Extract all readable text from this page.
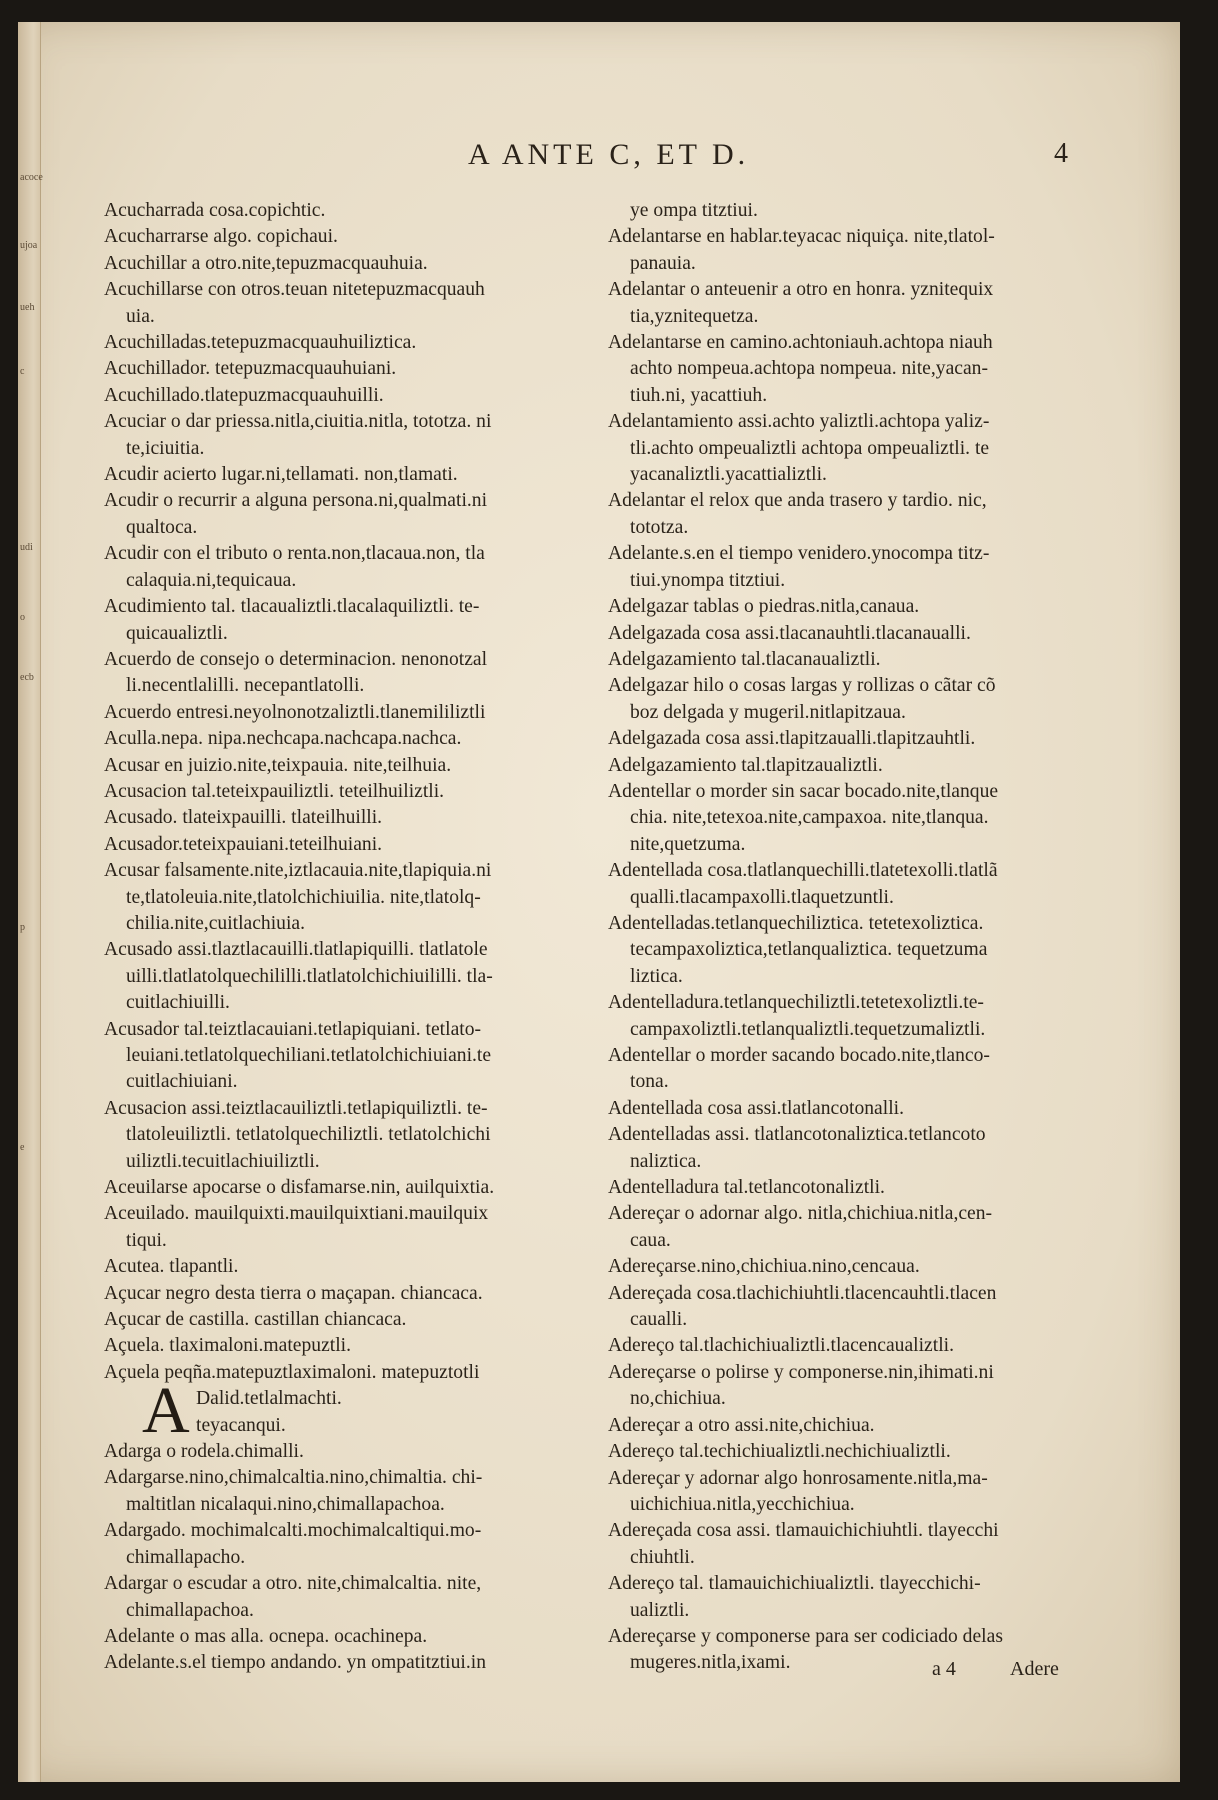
acoce
ujoa
ueh
c
udi
o
ecb
p
e
A ANTE C, ET D.	4
Acucharrada cosa.copichtic.
Acucharrarse algo. copichaui.
Acuchillar a otro.nite,tepuzmacquauhuia.
Acuchillarse con otros.teuan nitetepuzmacquauh
uia.
Acuchilladas.tetepuzmacquauhuiliztica.
Acuchillador. tetepuzmacquauhuiani.
Acuchillado.tlatepuzmacquauhuilli.
Acuciar o dar priessa.nitla,ciuitia.nitla, tototza. ni
te,iciuitia.
Acudir acierto lugar.ni,tellamati. non,tlamati.
Acudir o recurrir a alguna persona.ni,qualmati.ni
qualtoca.
Acudir con el tributo o renta.non,tlacaua.non, tla
calaquia.ni,tequicaua.
Acudimiento tal. tlacaualiztli.tlacalaquiliztli. te-
quicaualiztli.
Acuerdo de consejo o determinacion. nenonotzal
li.necentlalilli. necepantlatolli.
Acuerdo entresi.neyolnonotzaliztli.tlanemililiztli
Aculla.nepa. nipa.nechcapa.nachcapa.nachca.
Acusar en juizio.nite,teixpauia. nite,teilhuia.
Acusacion tal.teteixpauiliztli. teteilhuiliztli.
Acusado. tlateixpauilli. tlateilhuilli.
Acusador.teteixpauiani.teteilhuiani.
Acusar falsamente.nite,iztlacauia.nite,tlapiquia.ni
te,tlatoleuia.nite,tlatolchichiuilia. nite,tlatolq-
chilia.nite,cuitlachiuia.
Acusado assi.tlaztlacauilli.tlatlapiquilli. tlatlatole
uilli.tlatlatolquechililli.tlatlatolchichiuililli. tla-
cuitlachiuilli.
Acusador tal.teiztlacauiani.tetlapiquiani. tetlato-
leuiani.tetlatolquechiliani.tetlatolchichiuiani.te
cuitlachiuiani.
Acusacion assi.teiztlacauiliztli.tetlapiquiliztli. te-
tlatoleuiliztli. tetlatolquechiliztli. tetlatolchichi
uiliztli.tecuitlachiuiliztli.
Aceuilarse apocarse o disfamarse.nin, auilquixtia.
Aceuilado. mauilquixti.mauilquixtiani.mauilquix
tiqui.
Acutea. tlapantli.
Açucar negro desta tierra o maçapan. chiancaca.
Açucar de castilla. castillan chiancaca.
Açuela. tlaximaloni.matepuztli.
Açuela peqña.matepuztlaximaloni. matepuztotli
A Dalid.tetlalmachti.
teyacanqui.
Adarga o rodela.chimalli.
Adargarse.nino,chimalcaltia.nino,chimaltia. chi-
maltitlan nicalaqui.nino,chimallapachoa.
Adargado. mochimalcalti.mochimalcaltiqui.mo-
chimallapacho.
Adargar o escudar a otro. nite,chimalcaltia. nite,
chimallapachoa.
Adelante o mas alla. ocnepa. ocachinepa.
Adelante.s.el tiempo andando. yn ompatitztiui.in
ye ompa titztiui.
Adelantarse en hablar.teyacac niquiça. nite,tlatol-
panauia.
Adelantar o anteuenir a otro en honra. yznitequix
tia,yznitequetza.
Adelantarse en camino.achtoniauh.achtopa niauh
achto nompeua.achtopa nompeua. nite,yacan-
tiuh.ni, yacattiuh.
Adelantamiento assi.achto yaliztli.achtopa yaliz-
tli.achto ompeualiztli achtopa ompeualiztli. te
yacanaliztli.yacattializtli.
Adelantar el relox que anda trasero y tardio. nic,
tototza.
Adelante.s.en el tiempo venidero.ynocompa titz-
tiui.ynompa titztiui.
Adelgazar tablas o piedras.nitla,canaua.
Adelgazada cosa assi.tlacanauhtli.tlacanaualli.
Adelgazamiento tal.tlacanaualiztli.
Adelgazar hilo o cosas largas y rollizas o cãtar cõ
boz delgada y mugeril.nitlapitzaua.
Adelgazada cosa assi.tlapitzaualli.tlapitzauhtli.
Adelgazamiento tal.tlapitzaualiztli.
Adentellar o morder sin sacar bocado.nite,tlanque
chia. nite,tetexoa.nite,campaxoa. nite,tlanqua.
nite,quetzuma.
Adentellada cosa.tlatlanquechilli.tlatetexolli.tlatlã
qualli.tlacampaxolli.tlaquetzuntli.
Adentelladas.tetlanquechiliztica. tetetexoliztica.
tecampaxoliztica,tetlanqualiztica. tequetzuma
liztica.
Adentelladura.tetlanquechiliztli.tetetexoliztli.te-
campaxoliztli.tetlanqualiztli.tequetzumaliztli.
Adentellar o morder sacando bocado.nite,tlanco-
tona.
Adentellada cosa assi.tlatlancotonalli.
Adentelladas assi. tlatlancotonaliztica.tetlancoto
naliztica.
Adentelladura tal.tetlancotonaliztli.
Adereçar o adornar algo. nitla,chichiua.nitla,cen-
caua.
Adereçarse.nino,chichiua.nino,cencaua.
Adereçada cosa.tlachichiuhtli.tlacencauhtli.tlacen
caualli.
Adereço tal.tlachichiualiztli.tlacencaualiztli.
Adereçarse o polirse y componerse.nin,ihimati.ni
no,chichiua.
Adereçar a otro assi.nite,chichiua.
Adereço tal.techichiualiztli.nechichiualiztli.
Adereçar y adornar algo honrosamente.nitla,ma-
uichichiua.nitla,yecchichiua.
Adereçada cosa assi. tlamauichichiuhtli. tlayecchi
chiuhtli.
Adereço tal. tlamauichichiualiztli. tlayecchichi-
ualiztli.
Adereçarse y componerse para ser codiciado delas
mugeres.nitla,ixami.	a 4	Adere
